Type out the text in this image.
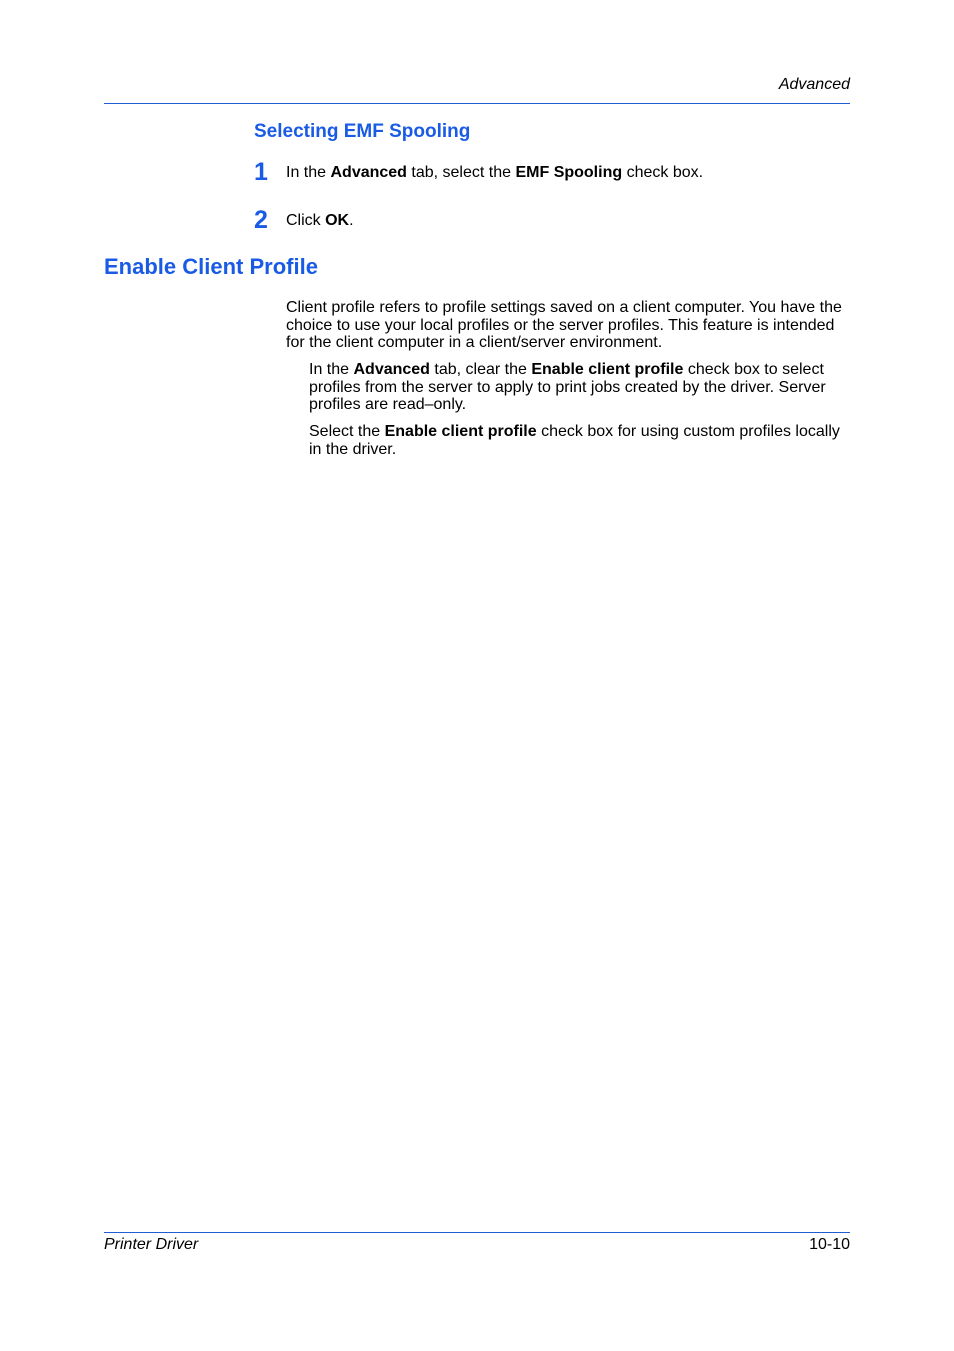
Advanced
Selecting EMF Spooling
1 In the Advanced tab, select the EMF Spooling check box.
2 Click OK.
Enable Client Profile
Client profile refers to profile settings saved on a client computer. You have the choice to use your local profiles or the server profiles. This feature is intended for the client computer in a client/server environment.
In the Advanced tab, clear the Enable client profile check box to select profiles from the server to apply to print jobs created by the driver. Server profiles are read–only.
Select the Enable client profile check box for using custom profiles locally in the driver.
Printer Driver	10-10
